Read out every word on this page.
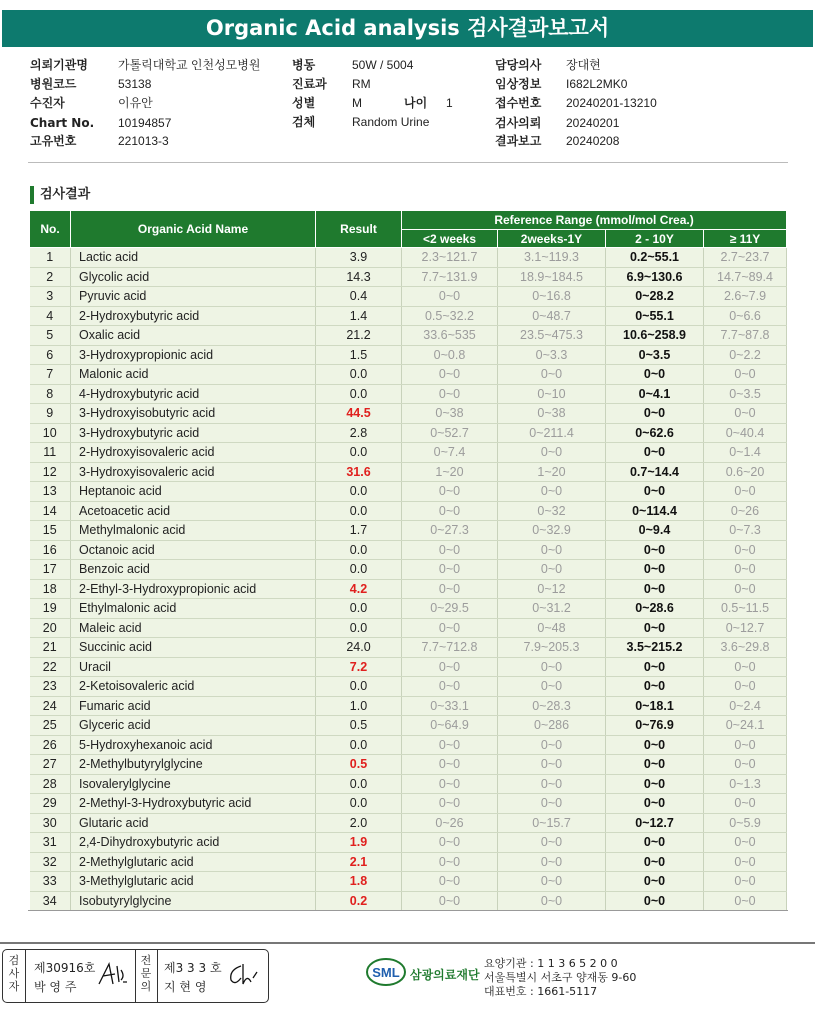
Organic Acid analysis 검사결과보고서
의뢰기관명	가톨릭대학교 인천성모병원
병원코드	53138
수진자	이유안
Chart No. 10194857
고유번호	221013-3
병동	50W / 5004
진료과 RM
성별	M	나이 1
검체	Random Urine
담당의사 장대현
임상정보 I682L2MK0
접수번호 20240201-13210
검사의뢰 20240201
결과보고 20240208
검사결과
No.	Organic Acid Name	Result	Reference Range (mmol/mol Crea.)			
			<2 weeks	2weeks-1Y	2 - 10Y	≥ 11Y
1	Lactic acid	3.9	2.3~121.7	3.1~119.3	0.2~55.1	2.7~23.7
2	Glycolic acid	14.3	7.7~131.9	18.9~184.5	6.9~130.6	14.7~89.4
3	Pyruvic acid	0.4	0~0	0~16.8	0~28.2	2.6~7.9
4	2-Hydroxybutyric acid	1.4	0.5~32.2	0~48.7	0~55.1	0~6.6
5	Oxalic acid	21.2	33.6~535	23.5~475.3	10.6~258.9	7.7~87.8
6	3-Hydroxypropionic acid	1.5	0~0.8	0~3.3	0~3.5	0~2.2
7	Malonic acid	0.0	0~0	0~0	0~0	0~0
8	4-Hydroxybutyric acid	0.0	0~0	0~10	0~4.1	0~3.5
9	3-Hydroxyisobutyric acid	44.5	0~38	0~38	0~0	0~0
10	3-Hydroxybutyric acid	2.8	0~52.7	0~211.4	0~62.6	0~40.4
11	2-Hydroxyisovaleric acid	0.0	0~7.4	0~0	0~0	0~1.4
12	3-Hydroxyisovaleric acid	31.6	1~20	1~20	0.7~14.4	0.6~20
13	Heptanoic acid	0.0	0~0	0~0	0~0	0~0
14	Acetoacetic acid	0.0	0~0	0~32	0~114.4	0~26
15	Methylmalonic acid	1.7	0~27.3	0~32.9	0~9.4	0~7.3
16	Octanoic acid	0.0	0~0	0~0	0~0	0~0
17	Benzoic acid	0.0	0~0	0~0	0~0	0~0
18	2-Ethyl-3-Hydroxypropionic acid	4.2	0~0	0~12	0~0	0~0
19	Ethylmalonic acid	0.0	0~29.5	0~31.2	0~28.6	0.5~11.5
20	Maleic acid	0.0	0~0	0~48	0~0	0~12.7
21	Succinic acid	24.0	7.7~712.8	7.9~205.3	3.5~215.2	3.6~29.8
22	Uracil	7.2	0~0	0~0	0~0	0~0
23	2-Ketoisovaleric acid	0.0	0~0	0~0	0~0	0~0
24	Fumaric acid	1.0	0~33.1	0~28.3	0~18.1	0~2.4
25	Glyceric acid	0.5	0~64.9	0~286	0~76.9	0~24.1
26	5-Hydroxyhexanoic acid	0.0	0~0	0~0	0~0	0~0
27	2-Methylbutyrylglycine	0.5	0~0	0~0	0~0	0~0
28	Isovalerylglycine	0.0	0~0	0~0	0~0	0~1.3
29	2-Methyl-3-Hydroxybutyric acid	0.0	0~0	0~0	0~0	0~0
30	Glutaric acid	2.0	0~26	0~15.7	0~12.7	0~5.9
31	2,4-Dihydroxybutyric acid	1.9	0~0	0~0	0~0	0~0
32	2-Methylglutaric acid	2.1	0~0	0~0	0~0	0~0
33	3-Methylglutaric acid	1.8	0~0	0~0	0~0	0~0
34	Isobutyrylglycine	0.2	0~0	0~0	0~0	0~0
검사자
제30916호
박 영 주
전문의
제3 3 3 호
지 현 영
SML 삼광의료재단
요양기관 : 1 1 3 6 5 2 0 0
서울특별시 서초구 양재동 9-60
대표번호 : 1661-5117
